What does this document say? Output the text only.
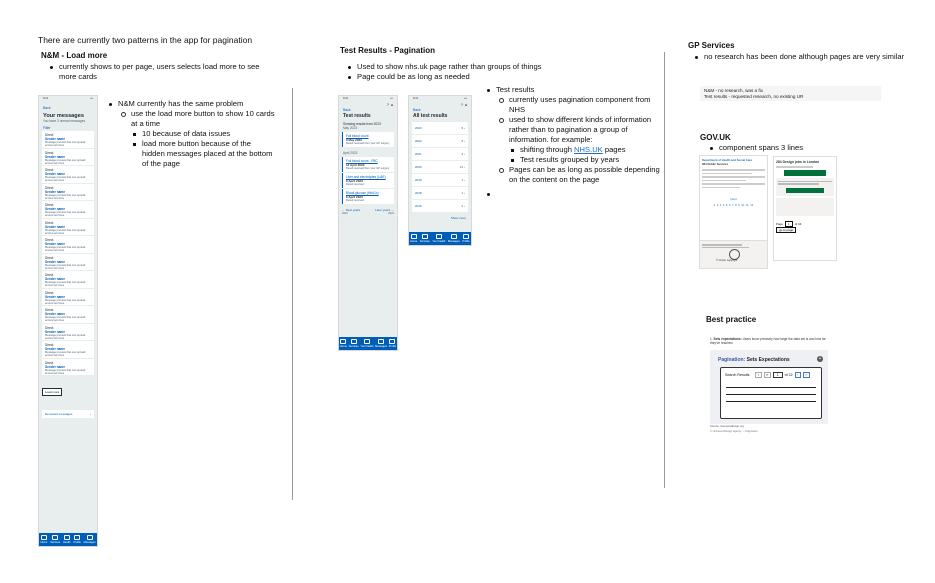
There are currently two patterns in the app for pagination
N&M - Load more
currently shows to per page, users selects load more to see more cards
9:41	▪▪▪
Back
Your messages
You have 3 unread messages
Filter
Direct
Sender name
Message preview that can spread
across two lines
Direct
Sender name
Message preview that can spread
across two lines
Direct
Sender name
Message preview that can spread
across two lines
Direct
Sender name
Message preview that can spread
across two lines
Direct
Sender name
Message preview that can spread
across two lines
Direct
Sender name
Message preview that can spread
across two lines
Direct
Sender name
Message preview that can spread
across two lines
Direct
Sender name
Message preview that can spread
across two lines
Direct
Sender name
Message preview that can spread
across two lines
Direct
Sender name
Message preview that can spread
across two lines
Direct
Sender name
Message preview that can spread
across two lines
Direct
Sender name
Message preview that can spread
across two lines
Direct
Sender name
Message preview that can spread
across two lines
Direct
Sender name
Message preview that can spread
across two lines
Load more
Removed messages	›
Home Services Health Profile Messages
N&M currently has the same problem
use the load more button to show 10 cards at a time
10 because of data issues
load more button because of the hidden messages placed at the bottom of the page
Test Results - Pagination
Used to show nhs.uk page rather than groups of things
Page could be as long as needed
9:41	▪▪▪
? ●
Back
Test results
Showing results from 2023
May 2023
Full blood count
9 May 2023
Result received from your GP surgery
April 2023
Full blood count - FBC
14 April 2023
Result received from your GP surgery
Liver and electrolytes (U&E)
6 April 2023
Result received
Blood glucose (HbA1c)
6 April 2023
Result received
← Next years	Later years →
2022	2024
Home Services Your health Messages Profile
9:41	▪▪▪
? ●
Back
All test results
2023	5 ›
2022	8 ›
2021	3 ›
2020	12 ›
2019	4 ›
2018	1 ›
2016	2 ›
Show more
Home Services Your health Messages Profile
Test results
currently uses pagination component from NHS
used to show different kinds of information rather than to pagination a group of information. for example:
shifting through NHS.UK pages
Test results grouped by years
Pages can be as long as possible depending on the content on the page
GP Services
no research has been done although pages are very similar
N&M - no research, was a fix
Test results - requested research, no existing UR
GOV.UK
component spans 3 lines
Department of Health and Social Care
284 Public Services
Next
1 2 3 4 5 6 7 8 9 10 11 12
© Crown copyright
284 Design jobs in London
Page	1	of 34
go to page
Best practice
1. Sets expectations: Users know precisely how large the data set is and how far they've reached.
Pagination: Sets Expectations	+
Search Results	‹	«	1	of 22	›	»
Source: thenewsdesign.org
© Universal Design Agency — Pagination
